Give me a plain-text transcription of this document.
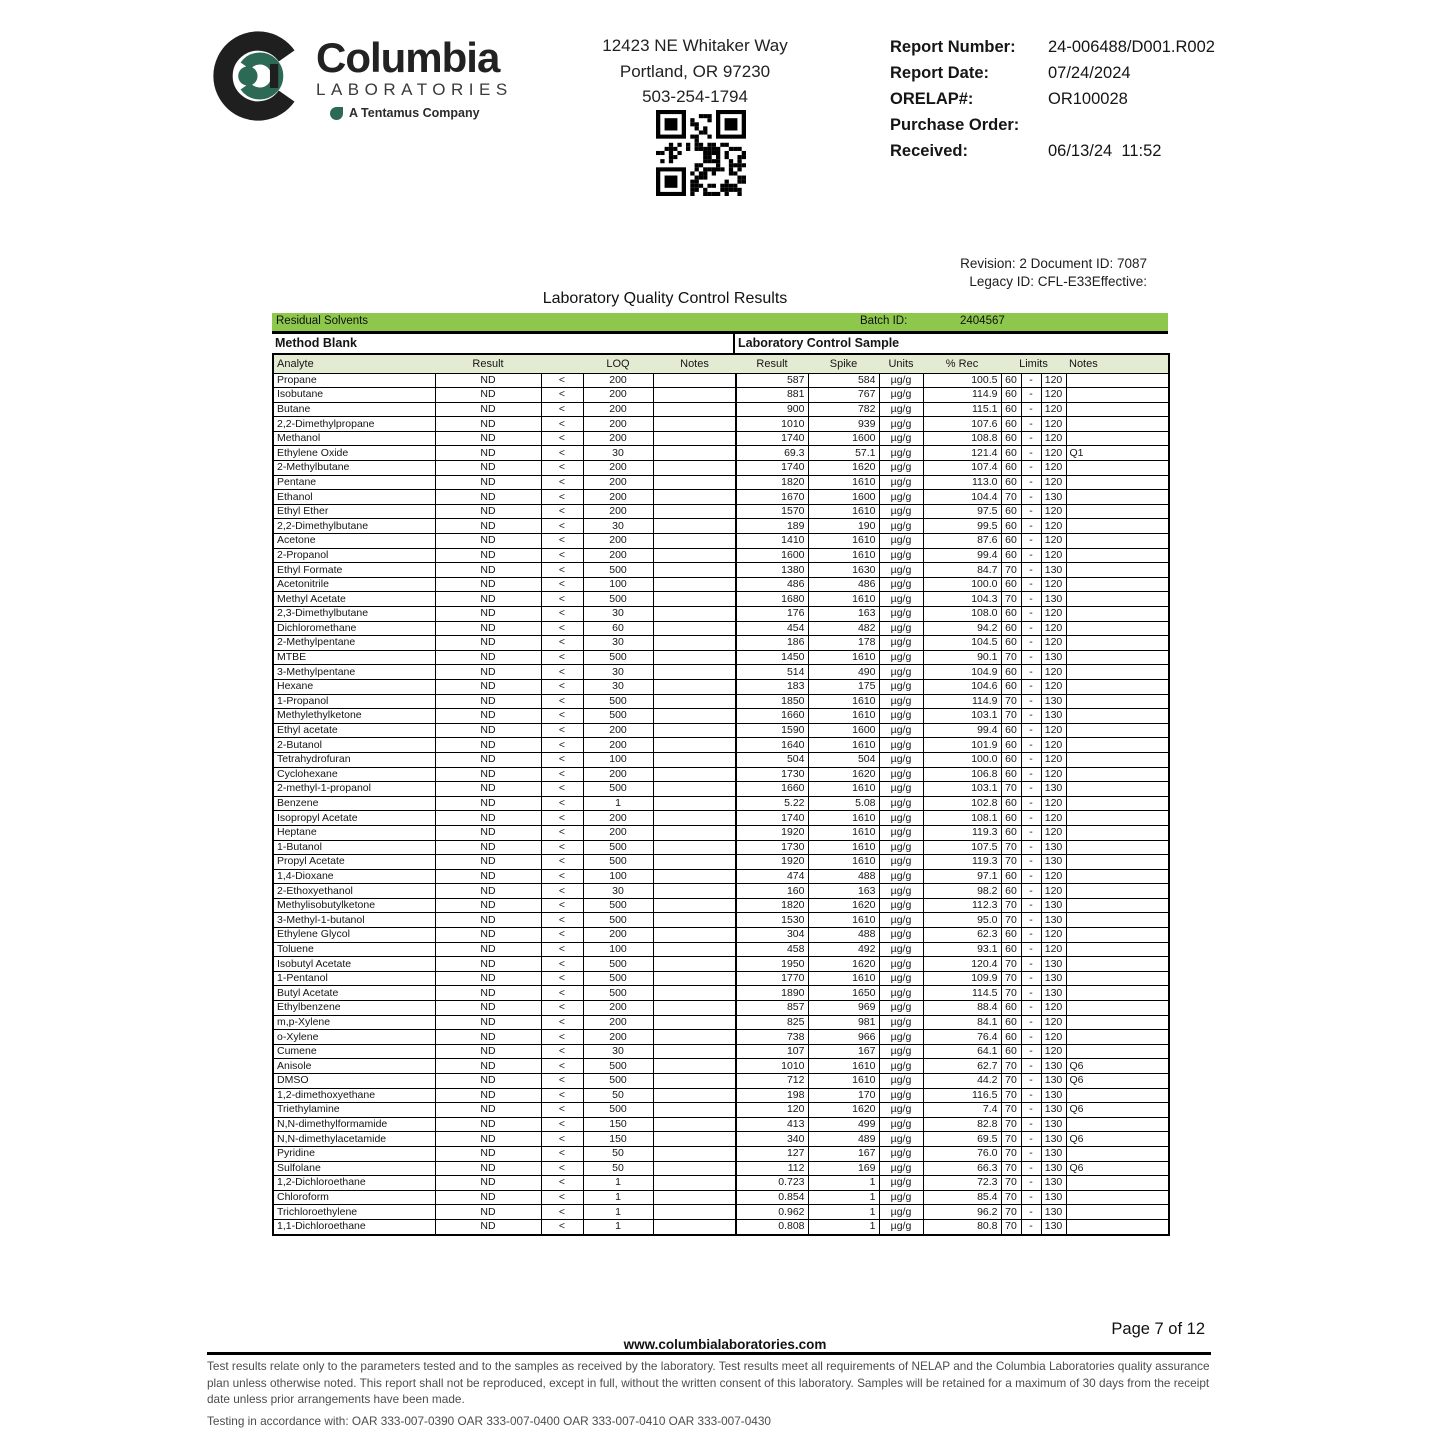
Columbia
LABORATORIES
A Tentamus Company
12423 NE Whitaker Way
Portland, OR 97230
503-254-1794
Report Number:	24-006488/D001.R002
Report Date:	07/24/2024
ORELAP#:	OR100028
Purchase Order:
Received:	06/13/24  11:52
Revision: 2 Document ID: 7087
Legacy ID: CFL-E33Effective:
Laboratory Quality Control Results
Residual Solvents	Batch ID:	2404567
Method Blank	Laboratory Control Sample
Analyte	Result		LOQ	Notes	Result	Spike	Units	% Rec	Limits			Notes
Propane	ND	<	200		587	584	µg/g	100.5	60	-	120	
Isobutane	ND	<	200		881	767	µg/g	114.9	60	-	120	
Butane	ND	<	200		900	782	µg/g	115.1	60	-	120	
2,2-Dimethylpropane	ND	<	200		1010	939	µg/g	107.6	60	-	120	
Methanol	ND	<	200		1740	1600	µg/g	108.8	60	-	120	
Ethylene Oxide	ND	<	30		69.3	57.1	µg/g	121.4	60	-	120	Q1
2-Methylbutane	ND	<	200		1740	1620	µg/g	107.4	60	-	120	
Pentane	ND	<	200		1820	1610	µg/g	113.0	60	-	120	
Ethanol	ND	<	200		1670	1600	µg/g	104.4	70	-	130	
Ethyl Ether	ND	<	200		1570	1610	µg/g	97.5	60	-	120	
2,2-Dimethylbutane	ND	<	30		189	190	µg/g	99.5	60	-	120	
Acetone	ND	<	200		1410	1610	µg/g	87.6	60	-	120	
2-Propanol	ND	<	200		1600	1610	µg/g	99.4	60	-	120	
Ethyl Formate	ND	<	500		1380	1630	µg/g	84.7	70	-	130	
Acetonitrile	ND	<	100		486	486	µg/g	100.0	60	-	120	
Methyl Acetate	ND	<	500		1680	1610	µg/g	104.3	70	-	130	
2,3-Dimethylbutane	ND	<	30		176	163	µg/g	108.0	60	-	120	
Dichloromethane	ND	<	60		454	482	µg/g	94.2	60	-	120	
2-Methylpentane	ND	<	30		186	178	µg/g	104.5	60	-	120	
MTBE	ND	<	500		1450	1610	µg/g	90.1	70	-	130	
3-Methylpentane	ND	<	30		514	490	µg/g	104.9	60	-	120	
Hexane	ND	<	30		183	175	µg/g	104.6	60	-	120	
1-Propanol	ND	<	500		1850	1610	µg/g	114.9	70	-	130	
Methylethylketone	ND	<	500		1660	1610	µg/g	103.1	70	-	130	
Ethyl acetate	ND	<	200		1590	1600	µg/g	99.4	60	-	120	
2-Butanol	ND	<	200		1640	1610	µg/g	101.9	60	-	120	
Tetrahydrofuran	ND	<	100		504	504	µg/g	100.0	60	-	120	
Cyclohexane	ND	<	200		1730	1620	µg/g	106.8	60	-	120	
2-methyl-1-propanol	ND	<	500		1660	1610	µg/g	103.1	70	-	130	
Benzene	ND	<	1		5.22	5.08	µg/g	102.8	60	-	120	
Isopropyl Acetate	ND	<	200		1740	1610	µg/g	108.1	60	-	120	
Heptane	ND	<	200		1920	1610	µg/g	119.3	60	-	120	
1-Butanol	ND	<	500		1730	1610	µg/g	107.5	70	-	130	
Propyl Acetate	ND	<	500		1920	1610	µg/g	119.3	70	-	130	
1,4-Dioxane	ND	<	100		474	488	µg/g	97.1	60	-	120	
2-Ethoxyethanol	ND	<	30		160	163	µg/g	98.2	60	-	120	
Methylisobutylketone	ND	<	500		1820	1620	µg/g	112.3	70	-	130	
3-Methyl-1-butanol	ND	<	500		1530	1610	µg/g	95.0	70	-	130	
Ethylene Glycol	ND	<	200		304	488	µg/g	62.3	60	-	120	
Toluene	ND	<	100		458	492	µg/g	93.1	60	-	120	
Isobutyl Acetate	ND	<	500		1950	1620	µg/g	120.4	70	-	130	
1-Pentanol	ND	<	500		1770	1610	µg/g	109.9	70	-	130	
Butyl Acetate	ND	<	500		1890	1650	µg/g	114.5	70	-	130	
Ethylbenzene	ND	<	200		857	969	µg/g	88.4	60	-	120	
m,p-Xylene	ND	<	200		825	981	µg/g	84.1	60	-	120	
o-Xylene	ND	<	200		738	966	µg/g	76.4	60	-	120	
Cumene	ND	<	30		107	167	µg/g	64.1	60	-	120	
Anisole	ND	<	500		1010	1610	µg/g	62.7	70	-	130	Q6
DMSO	ND	<	500		712	1610	µg/g	44.2	70	-	130	Q6
1,2-dimethoxyethane	ND	<	50		198	170	µg/g	116.5	70	-	130	
Triethylamine	ND	<	500		120	1620	µg/g	7.4	70	-	130	Q6
N,N-dimethylformamide	ND	<	150		413	499	µg/g	82.8	70	-	130	
N,N-dimethylacetamide	ND	<	150		340	489	µg/g	69.5	70	-	130	Q6
Pyridine	ND	<	50		127	167	µg/g	76.0	70	-	130	
Sulfolane	ND	<	50		112	169	µg/g	66.3	70	-	130	Q6
1,2-Dichloroethane	ND	<	1		0.723	1	µg/g	72.3	70	-	130	
Chloroform	ND	<	1		0.854	1	µg/g	85.4	70	-	130	
Trichloroethylene	ND	<	1		0.962	1	µg/g	96.2	70	-	130	
1,1-Dichloroethane	ND	<	1		0.808	1	µg/g	80.8	70	-	130	
Page 7 of 12
www.columbialaboratories.com
Test results relate only to the parameters tested and to the samples as received by the laboratory. Test results meet all requirements of NELAP and the Columbia Laboratories quality assurance plan unless otherwise noted. This report shall not be reproduced, except in full, without the written consent of this laboratory. Samples will be retained for a maximum of 30 days from the receipt date unless prior arrangements have been made.
Testing in accordance with: OAR 333-007-0390 OAR 333-007-0400 OAR 333-007-0410 OAR 333-007-0430
